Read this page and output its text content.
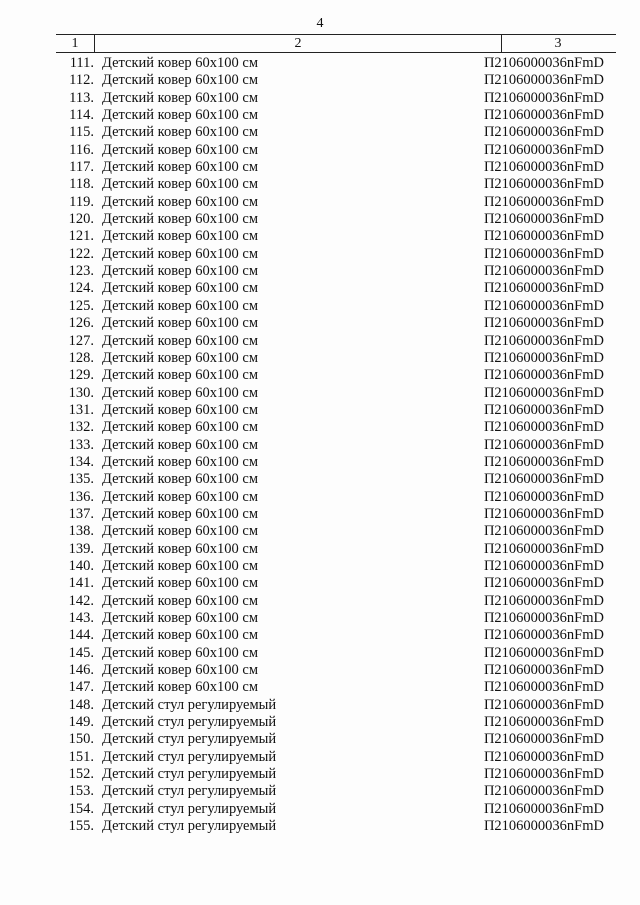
4
1	2	3
111. Детский ковер 60х100 см	П2106000036nFmD
112. Детский ковер 60х100 см	П2106000036nFmD
113. Детский ковер 60х100 см	П2106000036nFmD
114. Детский ковер 60х100 см	П2106000036nFmD
115. Детский ковер 60х100 см	П2106000036nFmD
116. Детский ковер 60х100 см	П2106000036nFmD
117. Детский ковер 60х100 см	П2106000036nFmD
118. Детский ковер 60х100 см	П2106000036nFmD
119. Детский ковер 60х100 см	П2106000036nFmD
120. Детский ковер 60х100 см	П2106000036nFmD
121. Детский ковер 60х100 см	П2106000036nFmD
122. Детский ковер 60х100 см	П2106000036nFmD
123. Детский ковер 60х100 см	П2106000036nFmD
124. Детский ковер 60х100 см	П2106000036nFmD
125. Детский ковер 60х100 см	П2106000036nFmD
126. Детский ковер 60х100 см	П2106000036nFmD
127. Детский ковер 60х100 см	П2106000036nFmD
128. Детский ковер 60х100 см	П2106000036nFmD
129. Детский ковер 60х100 см	П2106000036nFmD
130. Детский ковер 60х100 см	П2106000036nFmD
131. Детский ковер 60х100 см	П2106000036nFmD
132. Детский ковер 60х100 см	П2106000036nFmD
133. Детский ковер 60х100 см	П2106000036nFmD
134. Детский ковер 60х100 см	П2106000036nFmD
135. Детский ковер 60х100 см	П2106000036nFmD
136. Детский ковер 60х100 см	П2106000036nFmD
137. Детский ковер 60х100 см	П2106000036nFmD
138. Детский ковер 60х100 см	П2106000036nFmD
139. Детский ковер 60х100 см	П2106000036nFmD
140. Детский ковер 60х100 см	П2106000036nFmD
141. Детский ковер 60х100 см	П2106000036nFmD
142. Детский ковер 60х100 см	П2106000036nFmD
143. Детский ковер 60х100 см	П2106000036nFmD
144. Детский ковер 60х100 см	П2106000036nFmD
145. Детский ковер 60х100 см	П2106000036nFmD
146. Детский ковер 60х100 см	П2106000036nFmD
147. Детский ковер 60х100 см	П2106000036nFmD
148. Детский стул регулируемый	П2106000036nFmD
149. Детский стул регулируемый	П2106000036nFmD
150. Детский стул регулируемый	П2106000036nFmD
151. Детский стул регулируемый	П2106000036nFmD
152. Детский стул регулируемый	П2106000036nFmD
153. Детский стул регулируемый	П2106000036nFmD
154. Детский стул регулируемый	П2106000036nFmD
155. Детский стул регулируемый	П2106000036nFmD
